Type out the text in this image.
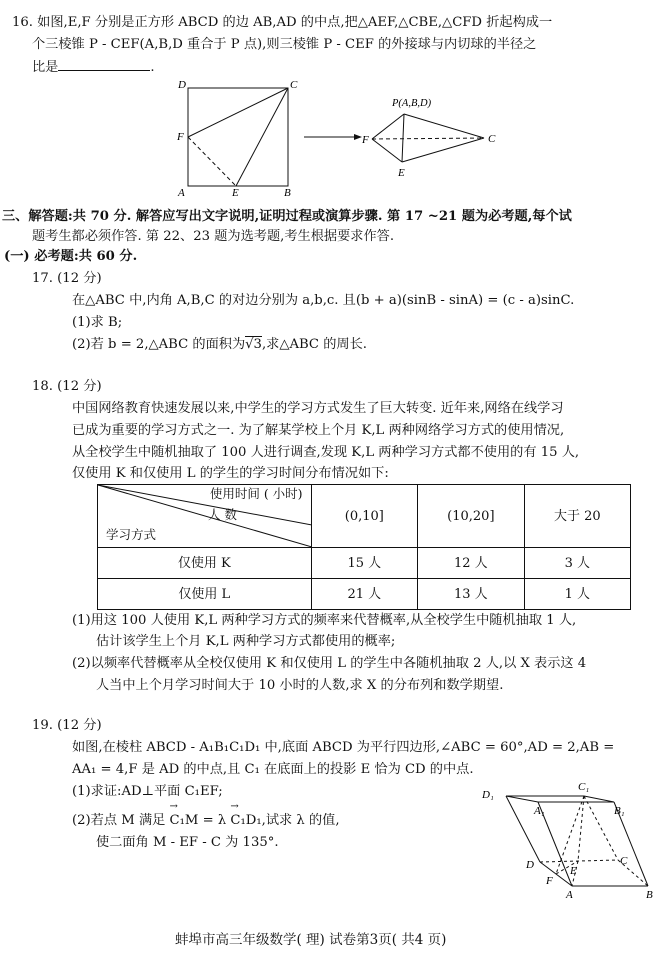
16. 如图,E,F 分别是正方形 ABCD 的边 AB,AD 的中点,把△AEF,△CBE,△CFD 折起构成一
个三棱锥 P - CEF(A,B,D 重合于 P 点),则三棱锥 P - CEF 的外接球与内切球的半径之
比是	.
D	C
F
A	E	B
P(A,B,D)
F	C
E
三、解答题:共 70 分. 解答应写出文字说明,证明过程或演算步骤. 第 17 ~21 题为必考题,每个试
题考生都必须作答. 第 22、23 题为选考题,考生根据要求作答.
(一) 必考题:共 60 分.
17. (12 分)
在△ABC 中,内角 A,B,C 的对边分别为 a,b,c. 且(b + a)(sinB - sinA) = (c - a)sinC.
(1)求 B;
(2)若 b = 2,△ABC 的面积为√3,求△ABC 的周长.
18. (12 分)
中国网络教育快速发展以来,中学生的学习方式发生了巨大转变. 近年来,网络在线学习
已成为重要的学习方式之一. 为了解某学校上个月 K,L 两种网络学习方式的使用情况,
从全校学生中随机抽取了 100 人进行调查,发现 K,L 两种学习方式都不使用的有 15 人,
仅使用 K 和仅使用 L 的学生的学习时间分布情况如下:
使用时间 ( 小时)
人 数
学习方式	(0,10]	(10,20]	大于 20
仅使用 K	15 人	12 人	3 人
仅使用 L	21 人	13 人	1 人
(1)用这 100 人使用 K,L 两种学习方式的频率来代替概率,从全校学生中随机抽取 1 人,
估计该学生上个月 K,L 两种学习方式都使用的概率;
(2)以频率代替概率从全校仅使用 K 和仅使用 L 的学生中各随机抽取 2 人,以 X 表示这 4
人当中上个月学习时间大于 10 小时的人数,求 X 的分布列和数学期望.
19. (12 分)
如图,在棱柱 ABCD - A₁B₁C₁D₁ 中,底面 ABCD 为平行四边形,∠ABC = 60°,AD = 2,AB =
AA₁ = 4,F 是 AD 的中点,且 C₁ 在底面上的投影 E 恰为 CD 的中点.
(1)求证:AD⊥平面 C₁EF;
(2)若点 M 满足 → C₁M = λ → C₁D₁,试求 λ 的值,
使二面角 M - EF - C 为 135°.
D₁
A₁
C₁
B₁
D	E
C
F
A	B
蚌埠市高三年级数学( 理) 试卷第3页( 共4 页)
